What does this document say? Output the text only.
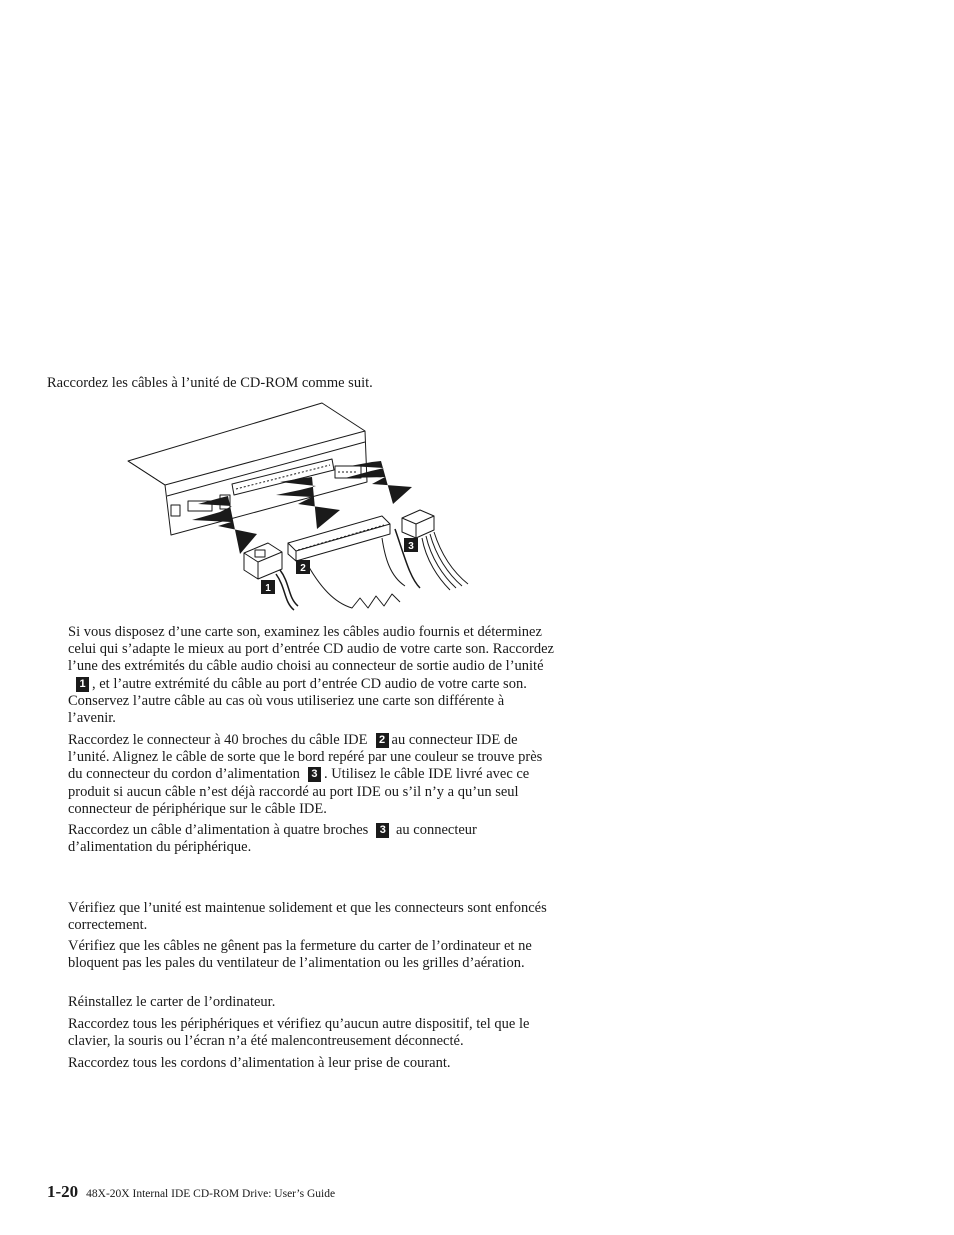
Raccordez les câbles à l’unité de CD-ROM comme suit.

1
2
3

Si vous disposez d’une carte son, examinez les câbles audio fournis et déterminez celui qui s’adapte le mieux au port d’entrée CD audio de votre carte son. Raccordez l’une des extrémités du câble audio choisi au connecteur de sortie audio de l’unité1 , et l’autre extrémité du câble au port d’entrée CD audio de votre carte son. Conservez l’autre câble au cas où vous utiliseriez une carte son différente à l’avenir.

Raccordez le connecteur à 40 broches du câble IDE 2 au connecteur IDE de l’unité. Alignez le câble de sorte que le bord repéré par une couleur se trouve près du connecteur du cordon d’alimentation 3 . Utilisez le câble IDE livré avec ce produit si aucun câble n’est déjà raccordé au port IDE ou s’il n’y a qu’un seul connecteur de périphérique sur le câble IDE.

Raccordez un câble d’alimentation à quatre broches 3 au connecteur d’alimentation du périphérique.

Vérifiez que l’unité est maintenue solidement et que les connecteurs sont enfoncés correctement.

Vérifiez que les câbles ne gênent pas la fermeture du carter de l’ordinateur et ne bloquent pas les pales du ventilateur de l’alimentation ou les grilles d’aération.

Réinstallez le carter de l’ordinateur.

Raccordez tous les périphériques et vérifiez qu’aucun autre dispositif, tel que le clavier, la souris ou l’écran n’a été malencontreusement déconnecté.

Raccordez tous les cordons d’alimentation à leur prise de courant.

1-20 48X-20X Internal IDE CD-ROM Drive: User’s Guide
